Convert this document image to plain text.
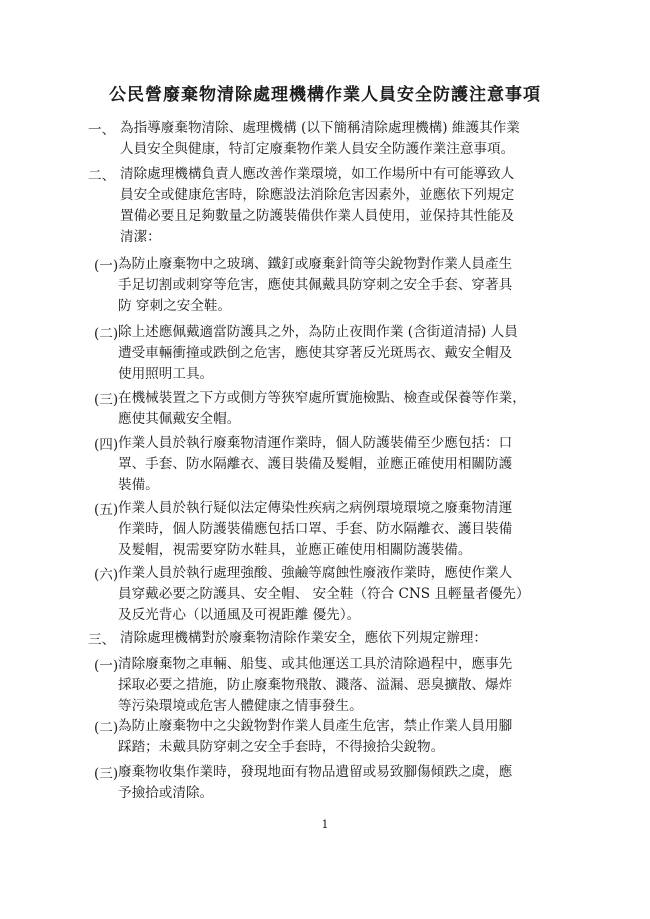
公民營廢棄物清除處理機構作業人員安全防護注意事項
一、 為指導廢棄物清除、處理機構 (以下簡稱清除處理機構) 維護其作業
人員安全與健康，特訂定廢棄物作業人員安全防護作業注意事項。
二、 清除處理機構負責人應改善作業環境，如工作場所中有可能導致人
員安全或健康危害時，除應設法消除危害因素外，並應依下列規定
置備必要且足夠數量之防護裝備供作業人員使用，並保持其性能及
清潔：
(一) 為防止廢棄物中之玻璃、鐵釘或廢棄針筒等尖銳物對作業人員產生
手足切割或刺穿等危害，應使其佩戴具防穿刺之安全手套、穿著具
防 穿刺之安全鞋。
(二) 除上述應佩戴適當防護具之外，為防止夜間作業 (含街道清掃) 人員
遭受車輛衝撞或跌倒之危害，應使其穿著反光斑馬衣、戴安全帽及
使用照明工具。
(三) 在機械裝置之下方或側方等狹窄處所實施檢點、檢查或保養等作業，
應使其佩戴安全帽。
(四) 作業人員於執行廢棄物清運作業時，個人防護裝備至少應包括：口
罩、手套、防水隔離衣、護目裝備及髮帽，並應正確使用相關防護
裝備。
(五) 作業人員於執行疑似法定傳染性疾病之病例環境環境之廢棄物清運
作業時，個人防護裝備應包括口罩、手套、防水隔離衣、護目裝備
及髮帽，視需要穿防水鞋具，並應正確使用相關防護裝備。
(六) 作業人員於執行處理強酸、強鹼等腐蝕性廢液作業時，應使作業人
員穿戴必要之防護具、安全帽、 安全鞋（符合 CNS 且輕量者優先）
及反光背心（以通風及可視距離 優先）。
三、 清除處理機構對於廢棄物清除作業安全，應依下列規定辦理：
(一) 清除廢棄物之車輛、船隻、或其他運送工具於清除過程中，應事先
採取必要之措施，防止廢棄物飛散、濺落、溢漏、惡臭擴散、爆炸
等污染環境或危害人體健康之情事發生。
(二) 為防止廢棄物中之尖銳物對作業人員產生危害，禁止作業人員用腳
踩踏；未戴具防穿刺之安全手套時，不得撿拾尖銳物。
(三) 廢棄物收集作業時，發現地面有物品遺留或易致腳傷傾跌之虞，應
予撿拾或清除。
1
